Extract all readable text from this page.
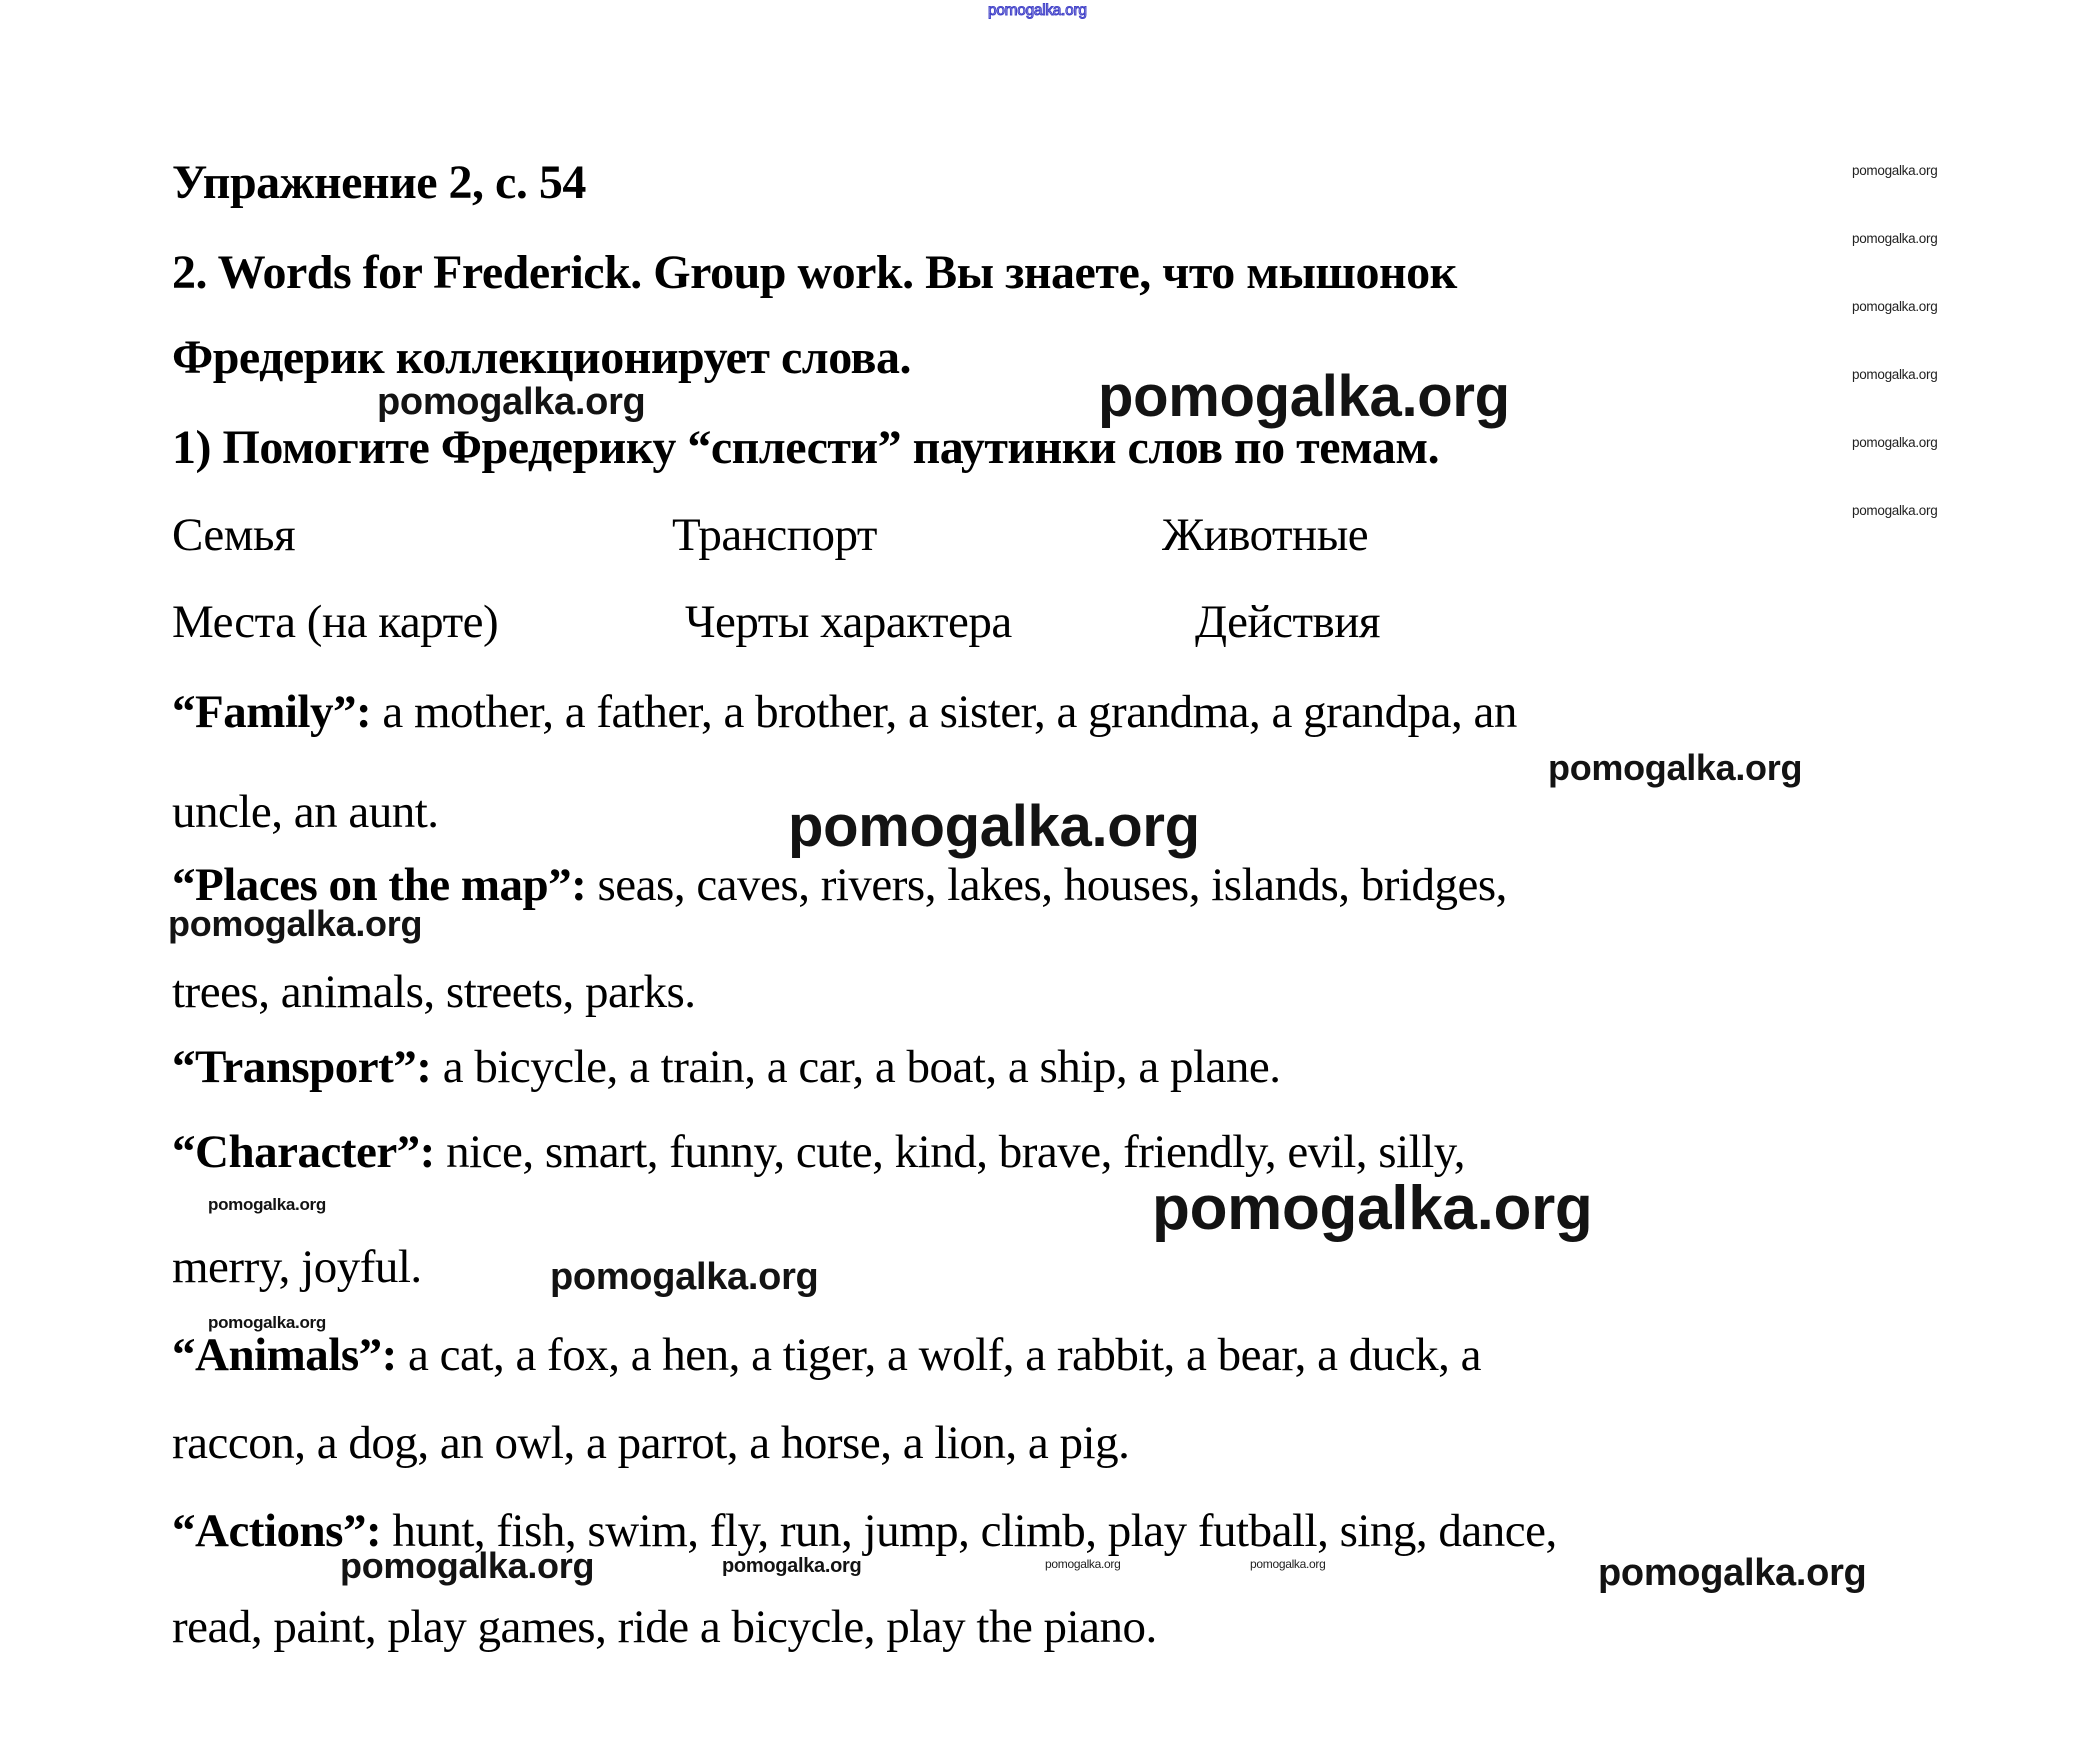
Упражнение 2, с. 54
2. Words for Frederick. Group work. Вы знаете, что мышонок
Фредерик коллекционирует слова.
1) Помогите Фредерику “сплести” паутинки слов по темам.
Семья	Транспорт	Животные
Места (на карте)	Черты характера	Действия
“Family”: a mother, a father, a brother, a sister, a grandma, a grandpa, an
uncle, an aunt.
“Places on the map”: seas, caves, rivers, lakes, houses, islands, bridges,
trees, animals, streets, parks.
“Transport”: a bicycle, a train, a car, a boat, a ship, a plane.
“Character”: nice, smart, funny, cute, kind, brave, friendly, evil, silly,
merry, joyful.
“Animals”: a cat, a fox, a hen, a tiger, a wolf, a rabbit, a bear, a duck, a
raccon, a dog, an owl, a parrot, a horse, a lion, a pig.
“Actions”: hunt, fish, swim, fly, run, jump, climb, play futball, sing, dance,
read, paint, play games, ride a bicycle, play the piano.
pomogalka.org
pomogalka.org
pomogalka.org
pomogalka.org
pomogalka.org
pomogalka.org
pomogalka.org
pomogalka.org	pomogalka.org
pomogalka.org
pomogalka.org
pomogalka.org
pomogalka.org	pomogalka.org
pomogalka.org
pomogalka.org
pomogalka.org	pomogalka.org	pomogalka.org	pomogalka.org	pomogalka.org
